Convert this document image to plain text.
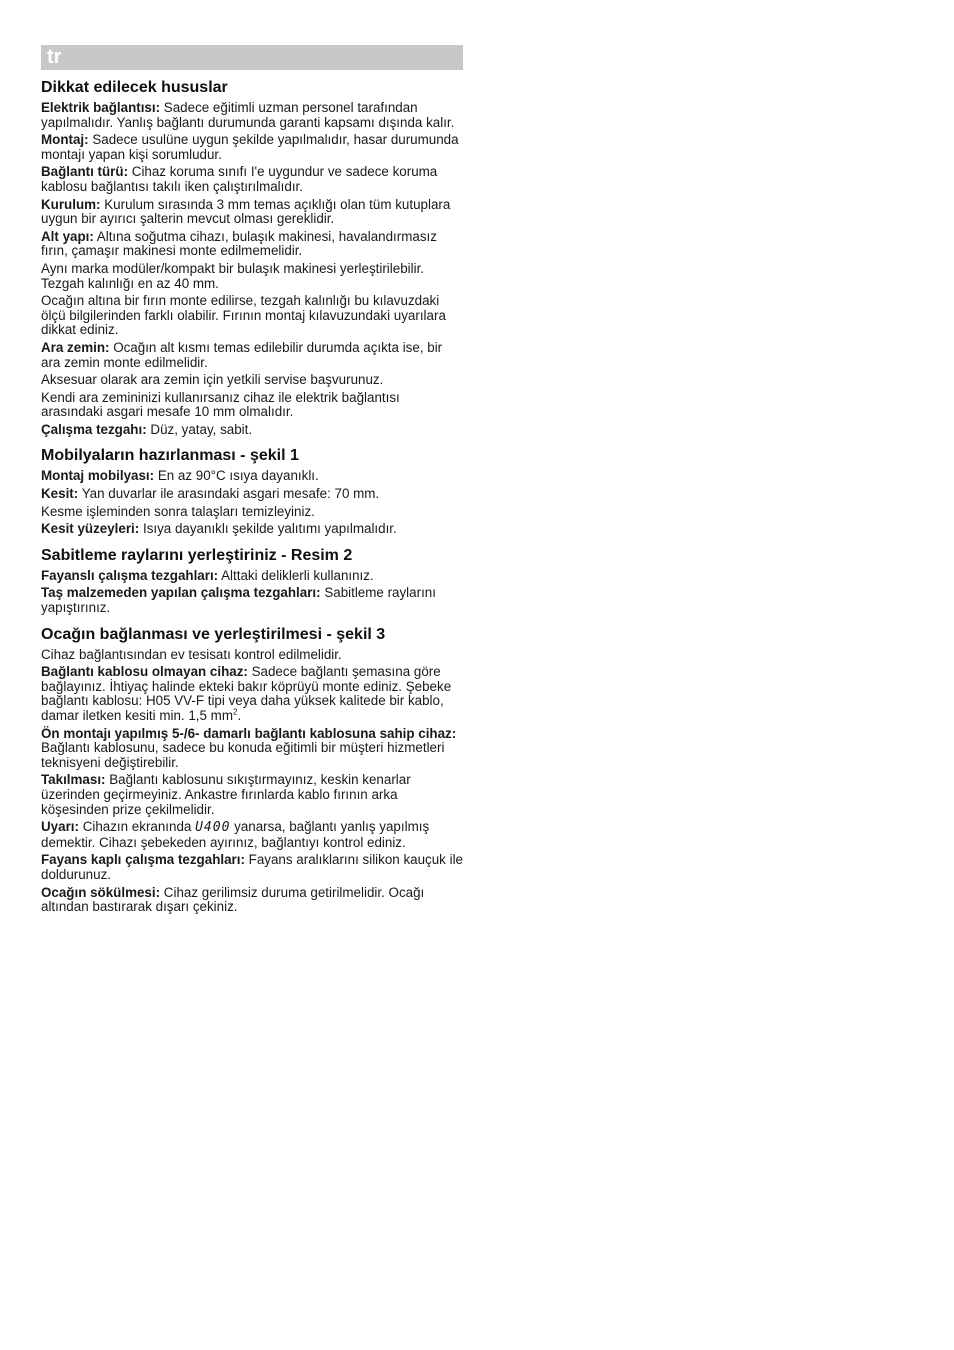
tr
Dikkat edilecek hususlar

Elektrik bağlantısı: Sadece eğitimli uzman personel tarafından yapılmalıdır. Yanlış bağlantı durumunda garanti kapsamı dışında kalır.

Montaj: Sadece usulüne uygun şekilde yapılmalıdır, hasar durumunda montajı yapan kişi sorumludur.

Bağlantı türü: Cihaz koruma sınıfı I'e uygundur ve sadece koruma kablosu bağlantısı takılı iken çalıştırılmalıdır.

Kurulum: Kurulum sırasında 3 mm temas açıklığı olan tüm kutuplara uygun bir ayırıcı şalterin mevcut olması gereklidir.

Alt yapı: Altına soğutma cihazı, bulaşık makinesi, havalandırmasız fırın, çamaşır makinesi monte edilmemelidir.

Aynı marka modüler/kompakt bir bulaşık makinesi yerleştirilebilir. Tezgah kalınlığı en az 40 mm.

Ocağın altına bir fırın monte edilirse, tezgah kalınlığı bu kılavuzdaki ölçü bilgilerinden farklı olabilir. Fırının montaj kılavuzundaki uyarılara dikkat ediniz.

Ara zemin: Ocağın alt kısmı temas edilebilir durumda açıkta ise, bir ara zemin monte edilmelidir.

Aksesuar olarak ara zemin için yetkili servise başvurunuz.

Kendi ara zemininizi kullanırsanız cihaz ile elektrik bağlantısı arasındaki asgari mesafe 10 mm olmalıdır.

Çalışma tezgahı: Düz, yatay, sabit.

Mobilyaların hazırlanması - şekil 1

Montaj mobilyası: En az 90°C ısıya dayanıklı.

Kesit: Yan duvarlar ile arasındaki asgari mesafe: 70 mm.

Kesme işleminden sonra talaşları temizleyiniz.

Kesit yüzeyleri: Isıya dayanıklı şekilde yalıtımı yapılmalıdır.

Sabitleme raylarını yerleştiriniz - Resim 2

Fayanslı çalışma tezgahları: Alttaki deliklerli kullanınız.

Taş malzemeden yapılan çalışma tezgahları: Sabitleme raylarını yapıştırınız.

Ocağın bağlanması ve yerleştirilmesi - şekil 3

Cihaz bağlantısından ev tesisatı kontrol edilmelidir.

Bağlantı kablosu olmayan cihaz: Sadece bağlantı şemasına göre bağlayınız. İhtiyaç halinde ekteki bakır köprüyü monte ediniz. Şebeke bağlantı kablosu: H05 VV-F tipi veya daha yüksek kalitede bir kablo, damar iletken kesiti min. 1,5 $mm^2$.

Ön montajı yapılmış 5-/6- damarlı bağlantı kablosuna sahip cihaz: Bağlantı kablosunu, sadece bu konuda eğitimli bir müşteri hizmetleri teknisyeni değiştirebilir.

Takılması: Bağlantı kablosunu sıkıştırmayınız, keskin kenarlar üzerinden geçirmeyiniz. Ankastre fırınlarda kablo fırının arka köşesinden prize çekilmelidir.

Uyarı: Cihazın ekranında U400 yanarsa, bağlantı yanlış yapılmış demektir. Cihazı şebekeden ayırınız, bağlantıyı kontrol ediniz.

Fayans kaplı çalışma tezgahları: Fayans aralıklarını silikon kauçuk ile doldurunuz.

Ocağın sökülmesi: Cihaz gerilimsiz duruma getirilmelidir. Ocağı altından bastırarak dışarı çekiniz.
